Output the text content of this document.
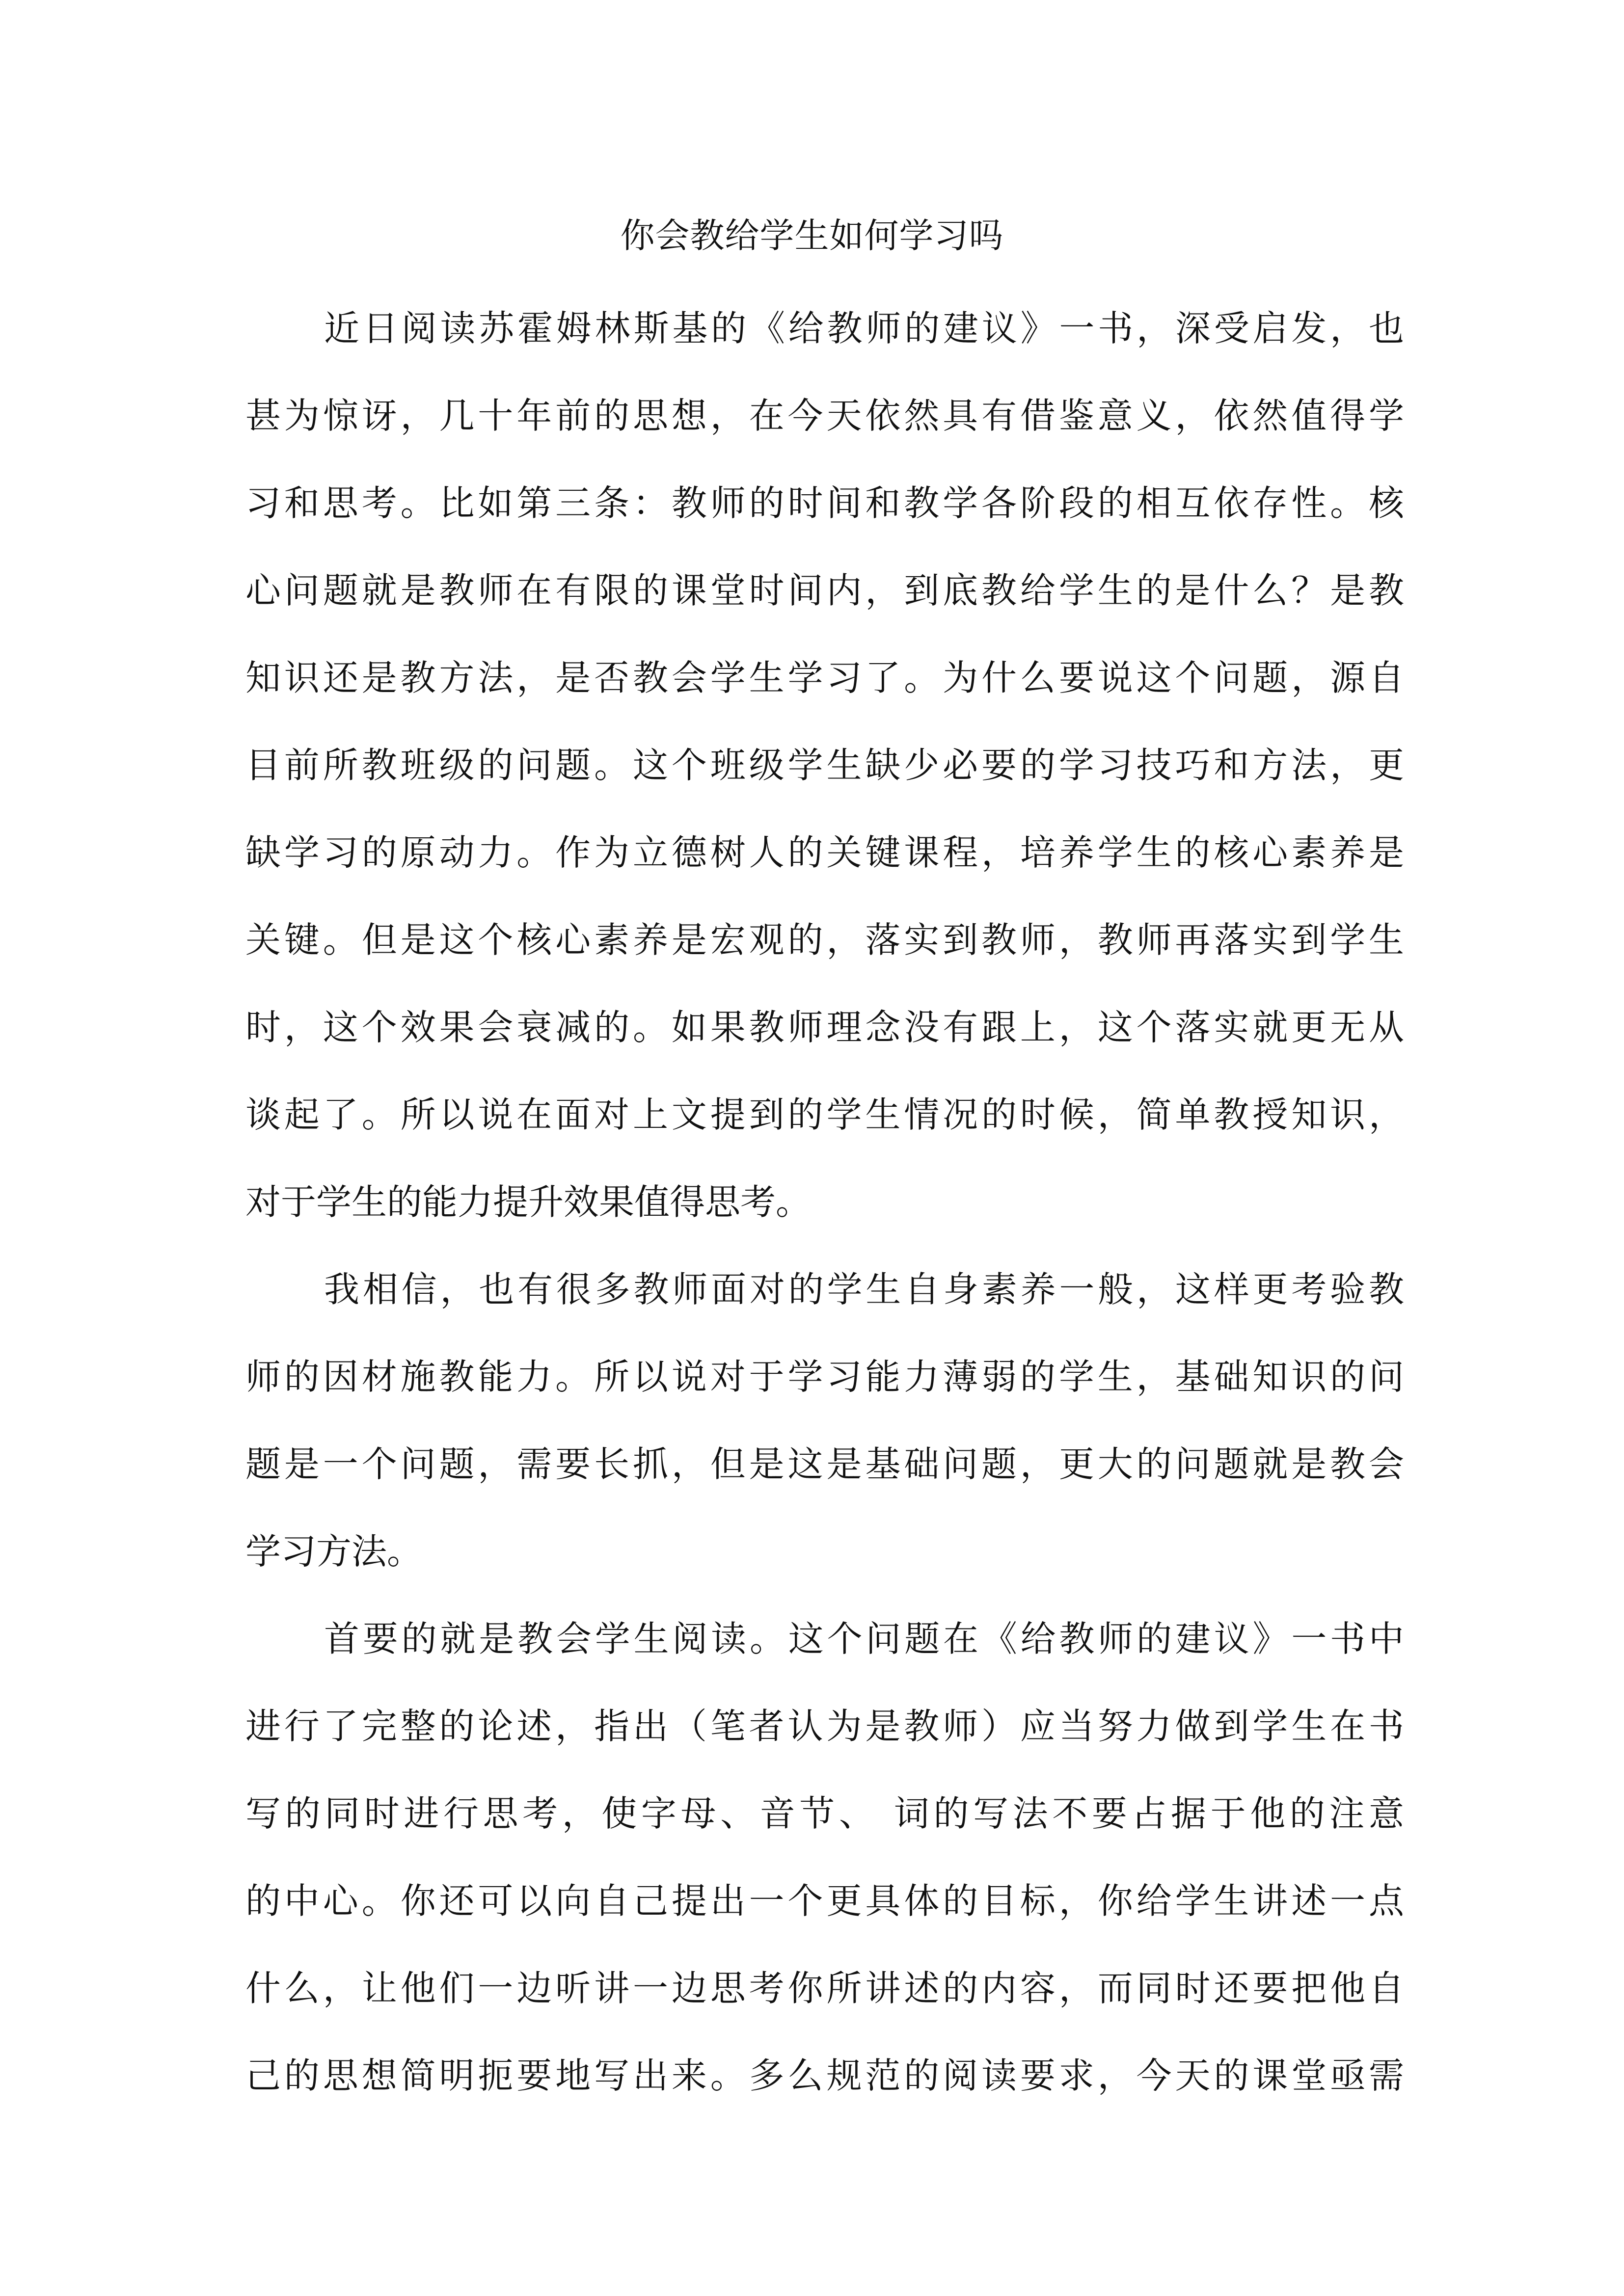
你会教给学生如何学习吗
近日阅读苏霍姆林斯基的《给教师的建议》一书，深受启发，也
甚为惊讶，几十年前的思想，在今天依然具有借鉴意义，依然值得学
习和思考。比如第三条：教师的时间和教学各阶段的相互依存性。核
心问题就是教师在有限的课堂时间内，到底教给学生的是什么？是教
知识还是教方法，是否教会学生学习了。为什么要说这个问题，源自
目前所教班级的问题。这个班级学生缺少必要的学习技巧和方法，更
缺学习的原动力。作为立德树人的关键课程，培养学生的核心素养是
关键。但是这个核心素养是宏观的，落实到教师，教师再落实到学生
时，这个效果会衰减的。如果教师理念没有跟上，这个落实就更无从
谈起了。所以说在面对上文提到的学生情况的时候，简单教授知识，
对于学生的能力提升效果值得思考。
我相信，也有很多教师面对的学生自身素养一般，这样更考验教
师的因材施教能力。所以说对于学习能力薄弱的学生，基础知识的问
题是一个问题，需要长抓，但是这是基础问题，更大的问题就是教会
学习方法。
首要的就是教会学生阅读。这个问题在《给教师的建议》一书中
进行了完整的论述，指出（笔者认为是教师）应当努力做到学生在书
写的同时进行思考，使字母、音节、 词的写法不要占据于他的注意
的中心。你还可以向自己提出一个更具体的目标，你给学生讲述一点
什么，让他们一边听讲一边思考你所讲述的内容，而同时还要把他自
己的思想简明扼要地写出来。多么规范的阅读要求，今天的课堂亟需
